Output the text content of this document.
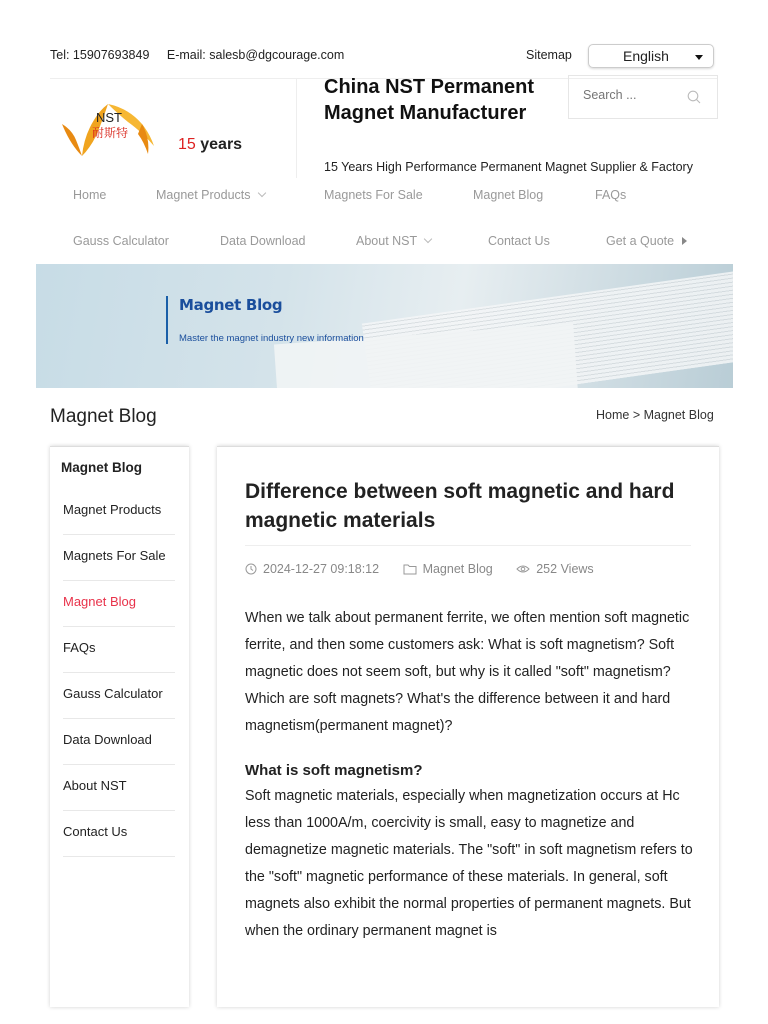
Tel: 15907693849 E-mail: salesb@dgcourage.com	Sitemap	English
NST
耐斯特
15 years
China NST Permanent Magnet Manufacturer
15 Years High Performance Permanent Magnet Supplier & Factory
Search ...
Home	Magnet Products	Magnets For Sale	Magnet Blog	FAQs
Gauss Calculator	Data Download	About NST	Contact Us	Get a Quote
Magnet Blog
Master the magnet industry new information
Magnet Blog	Home > Magnet Blog
Magnet Blog
Magnet Products
Magnets For Sale
Magnet Blog
FAQs
Gauss Calculator
Data Download
About NST
Contact Us
Difference between soft magnetic and hard magnetic materials
2024-12-27 09:18:12
	Magnet Blog
	252 Views

When we talk about permanent ferrite, we often mention soft magnetic ferrite, and then some customers ask: What is soft magnetism? Soft magnetic does not seem soft, but why is it called "soft" magnetism? Which are soft magnets? What's the difference between it and hard magnetism(permanent magnet)?

What is soft magnetism?

Soft magnetic materials, especially when magnetization occurs at Hc less than 1000A/m, coercivity is small, easy to magnetize and demagnetize magnetic materials. The "soft" in soft magnetism refers to the "soft" magnetic performance of these materials. In general, soft magnets also exhibit the normal properties of permanent magnets. But when the ordinary permanent magnet is
